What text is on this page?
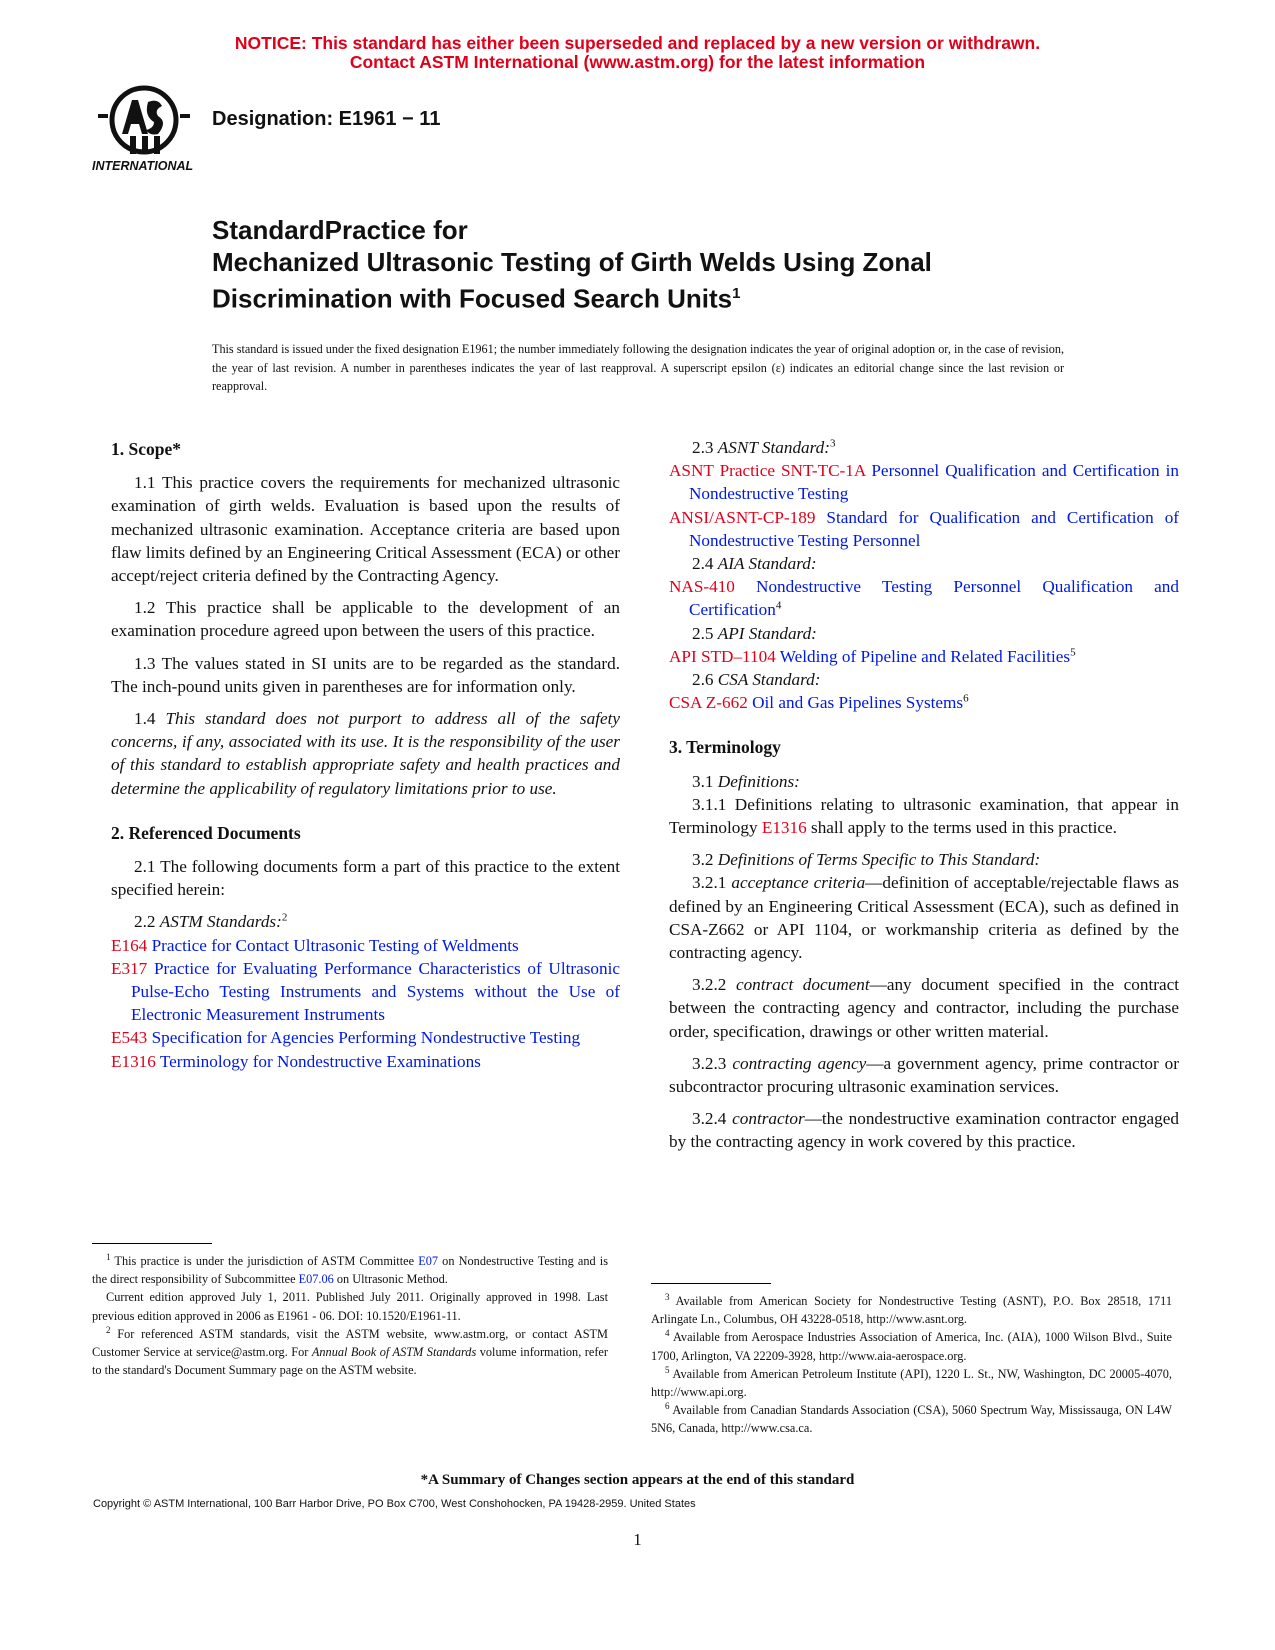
NOTICE: This standard has either been superseded and replaced by a new version or withdrawn.
Contact ASTM International (www.astm.org) for the latest information
INTERNATIONAL
Designation: E1961 − 11
StandardPractice for
Mechanized Ultrasonic Testing of Girth Welds Using Zonal
Discrimination with Focused Search Units$^1$
This standard is issued under the fixed designation E1961; the number immediately following the designation indicates the year of original adoption or, in the case of revision, the year of last revision. A number in parentheses indicates the year of last reapproval. A superscript epsilon (ε) indicates an editorial change since the last revision or reapproval.
1. Scope*

1.1 This practice covers the requirements for mechanized ultrasonic examination of girth welds. Evaluation is based upon the results of mechanized ultrasonic examination. Acceptance criteria are based upon flaw limits defined by an Engineering Critical Assessment (ECA) or other accept/reject criteria defined by the Contracting Agency.

1.2 This practice shall be applicable to the development of an examination procedure agreed upon between the users of this practice.

1.3 The values stated in SI units are to be regarded as the standard. The inch-pound units given in parentheses are for information only.

1.4 This standard does not purport to address all of the safety concerns, if any, associated with its use. It is the responsibility of the user of this standard to establish appropriate safety and health practices and determine the applicability of regulatory limitations prior to use.

2. Referenced Documents

2.1 The following documents form a part of this practice to the extent specified herein:

2.2 ASTM Standards:$^2$

E164 Practice for Contact Ultrasonic Testing of Weldments

E317 Practice for Evaluating Performance Characteristics of Ultrasonic Pulse-Echo Testing Instruments and Systems without the Use of Electronic Measurement Instruments

E543 Specification for Agencies Performing Nondestructive Testing

E1316 Terminology for Nondestructive Examinations

2.3 ASNT Standard:$^3$

ASNT Practice SNT-TC-1A Personnel Qualification and Certification in Nondestructive Testing

ANSI/ASNT-CP-189 Standard for Qualification and Certification of Nondestructive Testing Personnel

2.4 AIA Standard:

NAS-410 Nondestructive Testing Personnel Qualification and Certification$^4$

2.5 API Standard:

API STD–1104 Welding of Pipeline and Related Facilities$^5$

2.6 CSA Standard:

CSA Z-662 Oil and Gas Pipelines Systems$^6$

3. Terminology

3.1 Definitions:

3.1.1 Definitions relating to ultrasonic examination, that appear in Terminology E1316 shall apply to the terms used in this practice.

3.2 Definitions of Terms Specific to This Standard:

3.2.1 acceptance criteria—definition of acceptable/rejectable flaws as defined by an Engineering Critical Assessment (ECA), such as defined in CSA-Z662 or API 1104, or workmanship criteria as defined by the contracting agency.

3.2.2 contract document—any document specified in the contract between the contracting agency and contractor, including the purchase order, specification, drawings or other written material.

3.2.3 contracting agency—a government agency, prime contractor or subcontractor procuring ultrasonic examination services.

3.2.4 contractor—the nondestructive examination contractor engaged by the contracting agency in work covered by this practice.

$^1$ This practice is under the jurisdiction of ASTM Committee E07 on Nondestructive Testing and is the direct responsibility of Subcommittee E07.06 on Ultrasonic Method.

Current edition approved July 1, 2011. Published July 2011. Originally approved in 1998. Last previous edition approved in 2006 as E1961 - 06. DOI: 10.1520/E1961-11.

$^2$ For referenced ASTM standards, visit the ASTM website, www.astm.org, or contact ASTM Customer Service at service@astm.org. For Annual Book of ASTM Standards volume information, refer to the standard's Document Summary page on the ASTM website.

$^3$ Available from American Society for Nondestructive Testing (ASNT), P.O. Box 28518, 1711 Arlingate Ln., Columbus, OH 43228-0518, http://www.asnt.org.

$^4$ Available from Aerospace Industries Association of America, Inc. (AIA), 1000 Wilson Blvd., Suite 1700, Arlington, VA 22209-3928, http://www.aia-aerospace.org.

$^5$ Available from American Petroleum Institute (API), 1220 L. St., NW, Washington, DC 20005-4070, http://www.api.org.

$^6$ Available from Canadian Standards Association (CSA), 5060 Spectrum Way, Mississauga, ON L4W 5N6, Canada, http://www.csa.ca.

*A Summary of Changes section appears at the end of this standard
Copyright © ASTM International, 100 Barr Harbor Drive, PO Box C700, West Conshohocken, PA 19428-2959. United States
1
